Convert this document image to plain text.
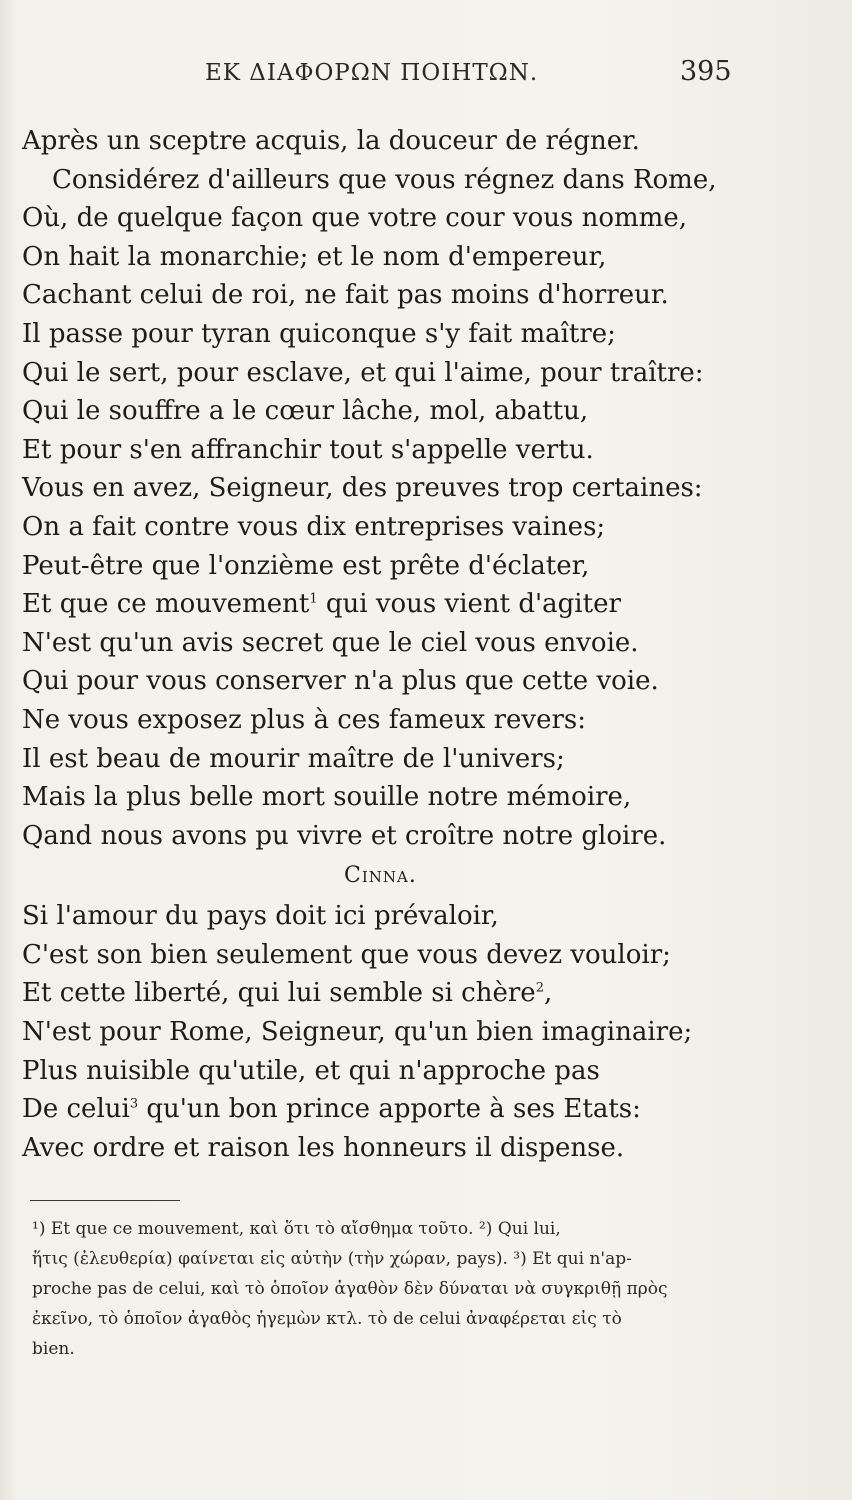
ΕΚ ΔΙΑΦΟΡΩΝ ΠΟΙΗΤΩΝ.	395
Après un sceptre acquis, la douceur de régner.
Considérez d'ailleurs que vous régnez dans Rome,
Où, de quelque façon que votre cour vous nomme,
On hait la monarchie; et le nom d'empereur,
Cachant celui de roi, ne fait pas moins d'horreur.
Il passe pour tyran quiconque s'y fait maître;
Qui le sert, pour esclave, et qui l'aime, pour traître:
Qui le souffre a le cœur lâche, mol, abattu,
Et pour s'en affranchir tout s'appelle vertu.
Vous en avez, Seigneur, des preuves trop certaines:
On a fait contre vous dix entreprises vaines;
Peut-être que l'onzième est prête d'éclater,
Et que ce mouvement$^1$ qui vous vient d'agiter
N'est qu'un avis secret que le ciel vous envoie.
Qui pour vous conserver n'a plus que cette voie.
Ne vous exposez plus à ces fameux revers:
Il est beau de mourir maître de l'univers;
Mais la plus belle mort souille notre mémoire,
Qand nous avons pu vivre et croître notre gloire.
Cinna.
Si l'amour du pays doit ici prévaloir,
C'est son bien seulement que vous devez vouloir;
Et cette liberté, qui lui semble si chère$^2$,
N'est pour Rome, Seigneur, qu'un bien imaginaire;
Plus nuisible qu'utile, et qui n'approche pas
De celui$^3$ qu'un bon prince apporte à ses Etats:
Avec ordre et raison les honneurs il dispense.
¹) Et que ce mouvement, καὶ ὅτι τὸ αἴσθημα τοῦτο. ²) Qui lui,
ἥτις (ἐλευθερία) φαίνεται εἰς αὐτὴν (τὴν χώραν, pays). ³) Et qui n'ap-
proche pas de celui, καὶ τὸ ὁποῖον ἀγαθὸν δὲν δύναται νὰ συγκριθῇ πρὸς
ἐκεῖνο, τὸ ὁποῖον ἀγαθὸς ἡγεμὼν κτλ. τὸ de celui ἀναφέρεται εἰς τὸ
bien.
